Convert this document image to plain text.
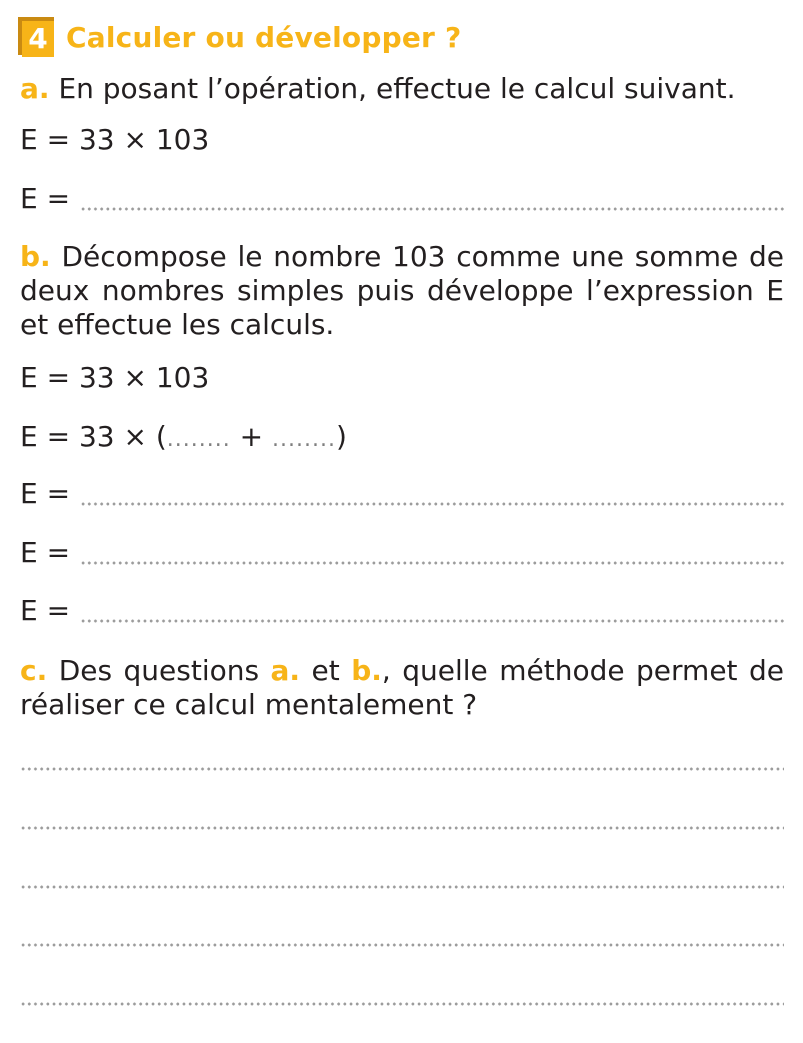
4 Calculer ou développer ?
a. En posant l’opération, effectue le calcul suivant.
E = 33 × 103
E =
b. Décompose le nombre 103 comme une somme de deux nombres simples puis développe l’expression E et effectue les calculs.
E = 33 × 103
E = 33 × (........ + ........)
E =
E =
E =
c. Des questions a. et b., quelle méthode permet de réaliser ce calcul mentalement ?
